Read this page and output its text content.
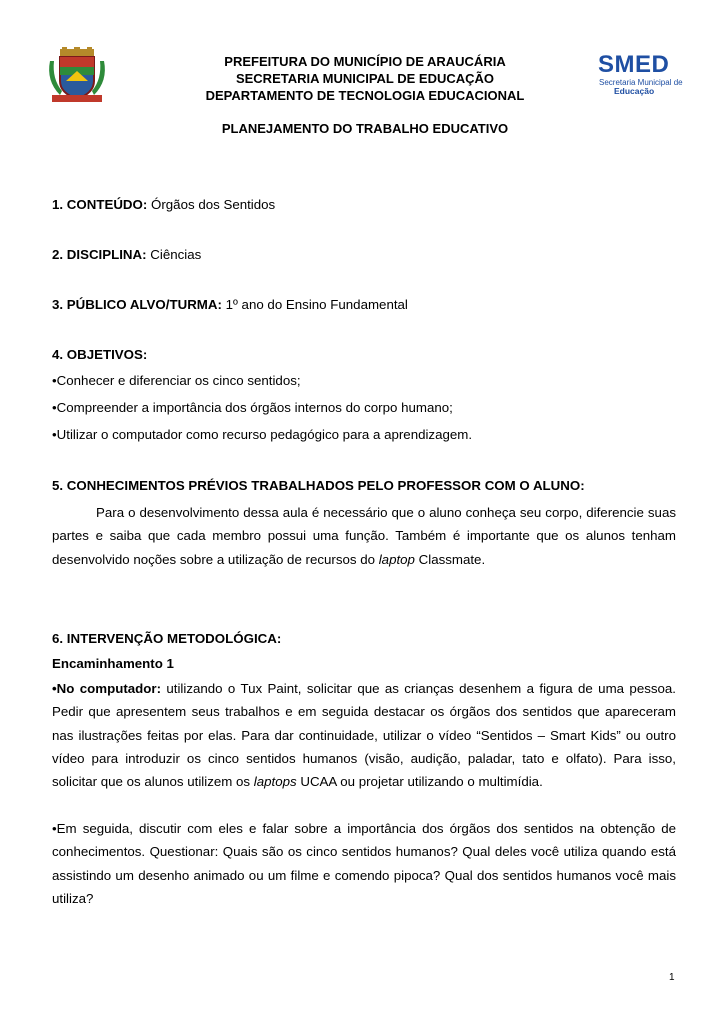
PREFEITURA DO MUNICÍPIO DE ARAUCÁRIA
SECRETARIA MUNICIPAL DE EDUCAÇÃO
DEPARTAMENTO DE TECNOLOGIA EDUCACIONAL
PLANEJAMENTO DO TRABALHO EDUCATIVO
SMED
Secretaria Municipal de
Educação
1. CONTEÚDO: Órgãos dos Sentidos
2. DISCIPLINA: Ciências
3. PÚBLICO ALVO/TURMA: 1º ano do Ensino Fundamental
4. OBJETIVOS:
•Conhecer e diferenciar os cinco sentidos;
•Compreender a importância dos órgãos internos do corpo humano;
•Utilizar o computador como recurso pedagógico para a aprendizagem.
5. CONHECIMENTOS PRÉVIOS TRABALHADOS PELO PROFESSOR COM O ALUNO:
Para o desenvolvimento dessa aula é necessário que o aluno conheça seu corpo, diferencie suas partes e saiba que cada membro possui uma função. Também é importante que os alunos tenham desenvolvido noções sobre a utilização de recursos do laptop Classmate.
6. INTERVENÇÃO METODOLÓGICA:
Encaminhamento 1
•No computador: utilizando o Tux Paint, solicitar que as crianças desenhem a figura de uma pessoa. Pedir que apresentem seus trabalhos e em seguida destacar os órgãos dos sentidos que apareceram nas ilustrações feitas por elas. Para dar continuidade, utilizar o vídeo “Sentidos – Smart Kids” ou outro vídeo para introduzir os cinco sentidos humanos (visão, audição, paladar, tato e olfato). Para isso, solicitar que os alunos utilizem os laptops UCAA ou projetar utilizando o multimídia.
•Em seguida, discutir com eles e falar sobre a importância dos órgãos dos sentidos na obtenção de conhecimentos. Questionar: Quais são os cinco sentidos humanos? Qual deles você utiliza quando está assistindo um desenho animado ou um filme e comendo pipoca? Qual dos sentidos humanos você mais utiliza?
1
